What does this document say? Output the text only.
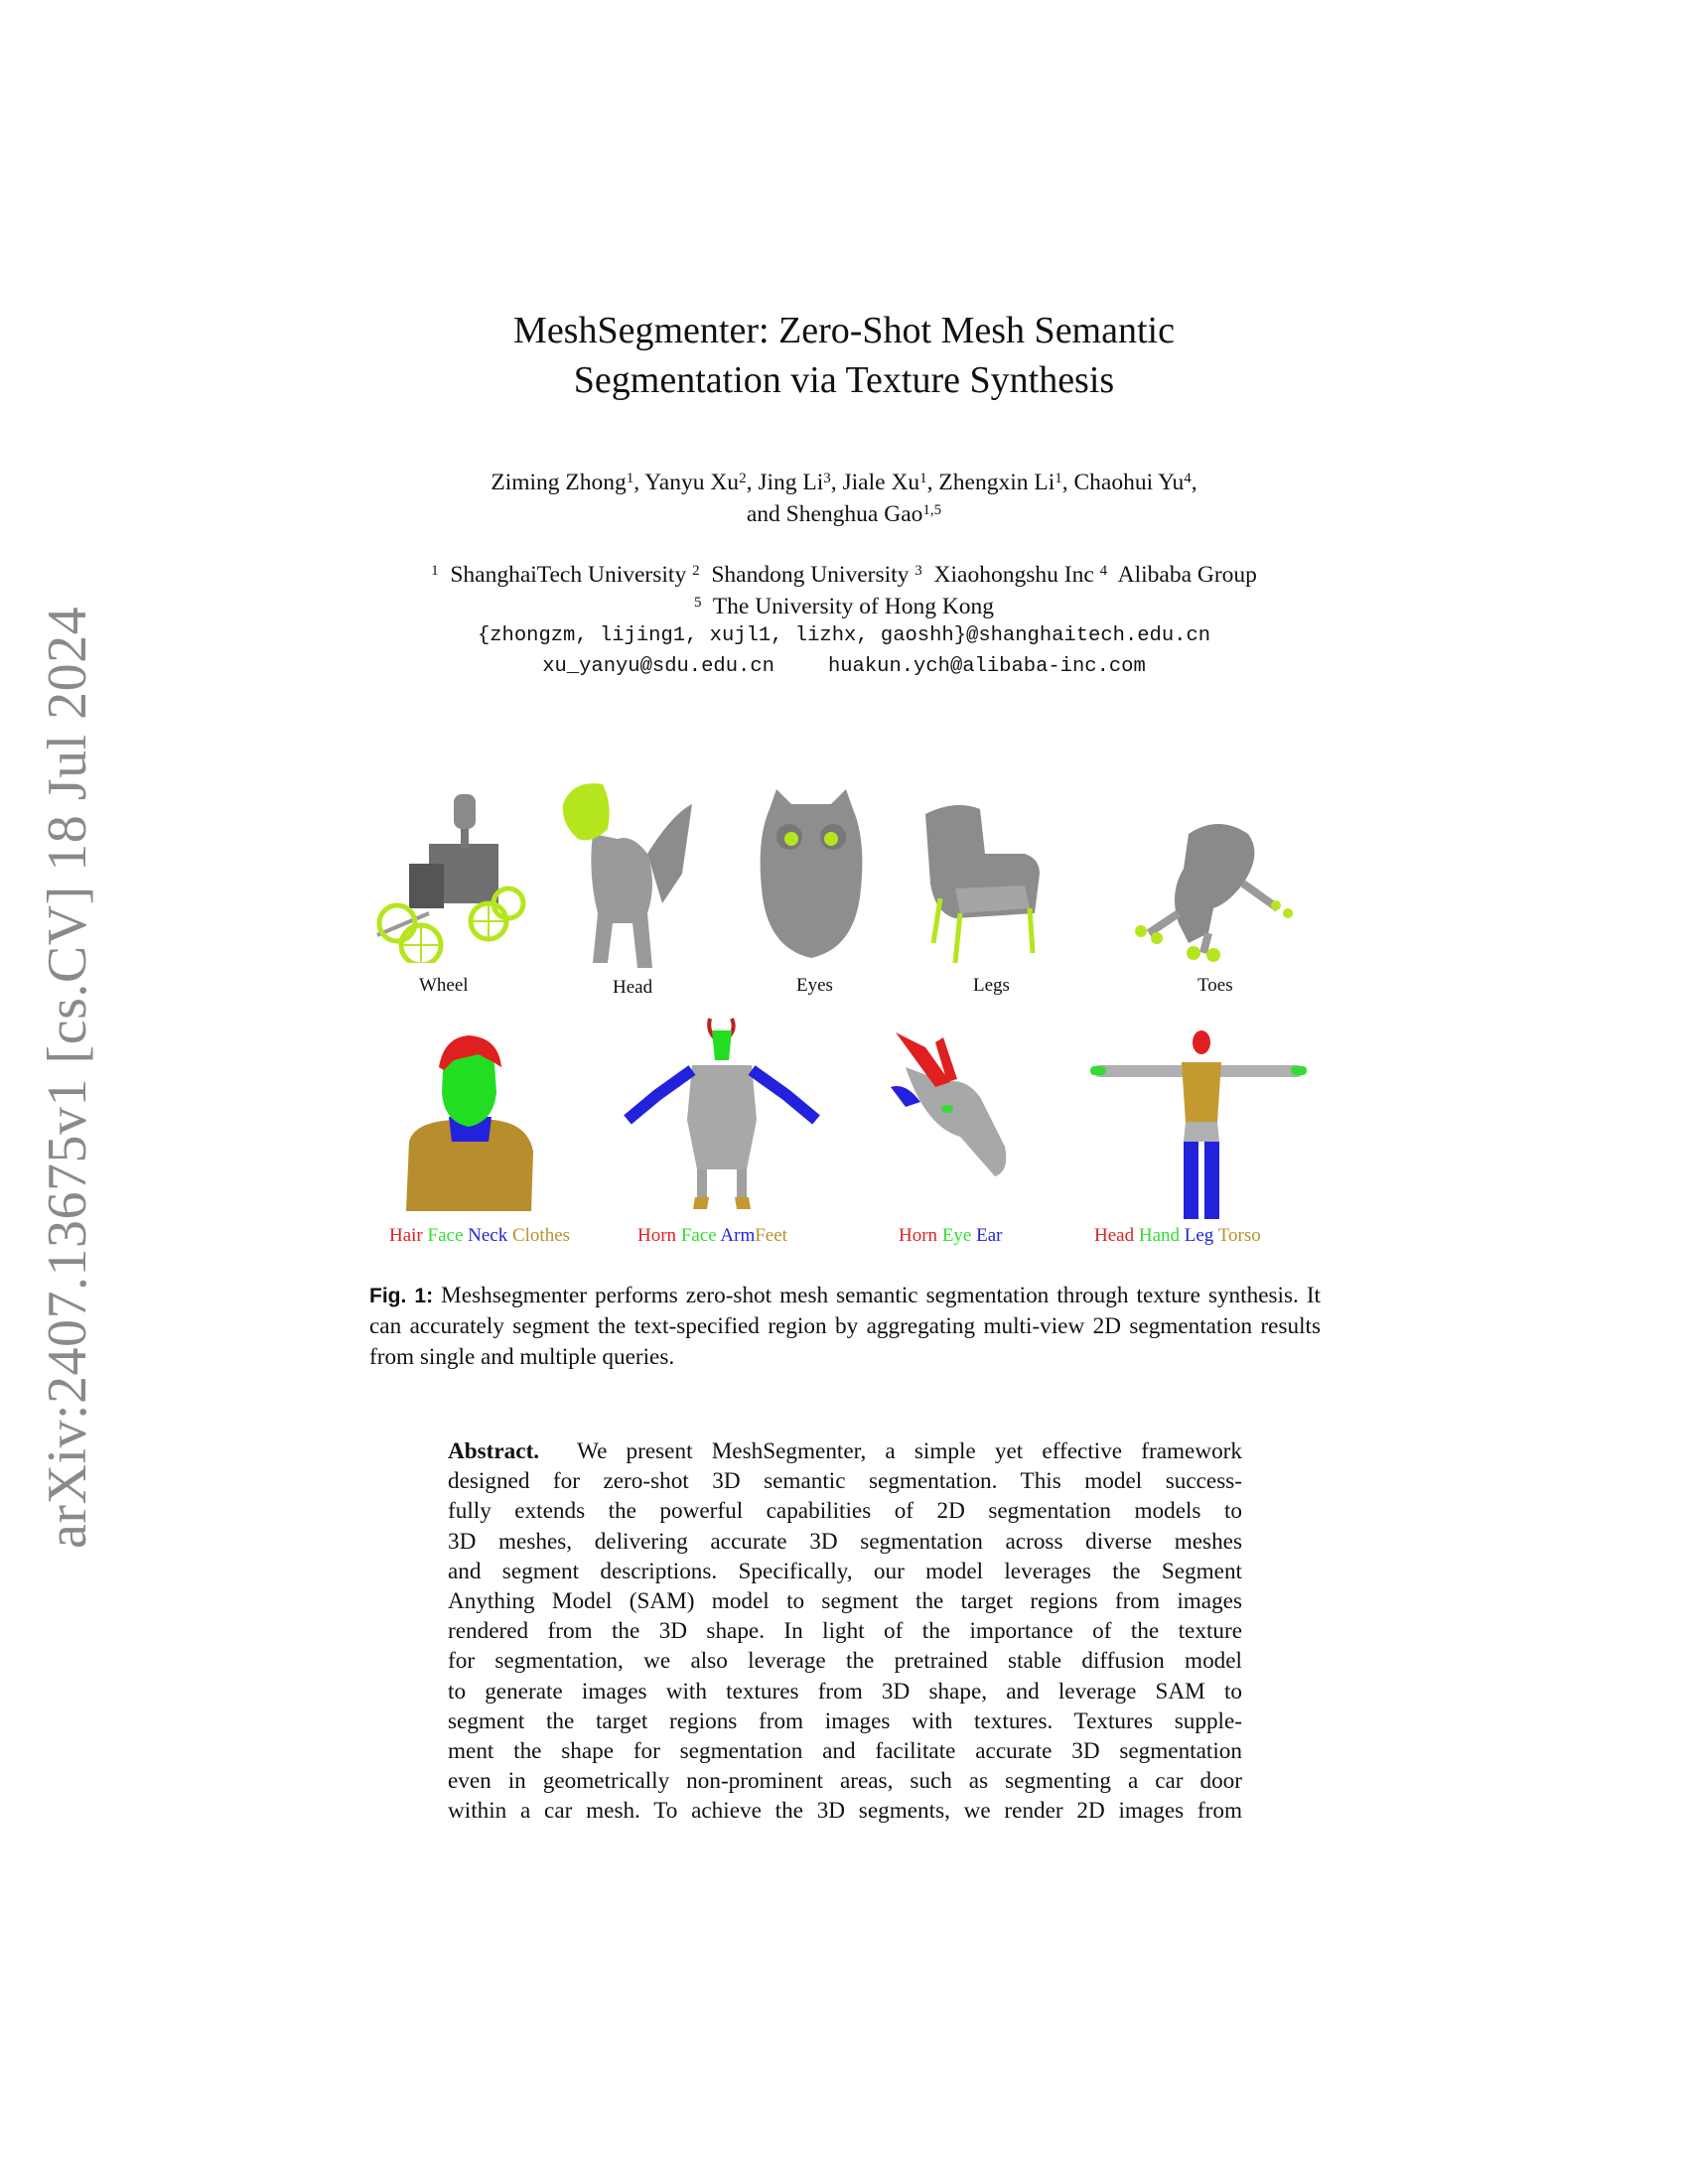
arXiv:2407.13675v1 [cs.CV] 18 Jul 2024
MeshSegmenter: Zero-Shot Mesh Semantic
Segmentation via Texture Synthesis
Ziming Zhong$^1$, Yanyu Xu$^2$, Jing Li$^3$, Jiale Xu$^1$, Zhengxin Li$^1$, Chaohui Yu$^4$,
and Shenghua Gao$^{1,5}$
$^1$ ShanghaiTech University $^2$ Shandong University $^3$ Xiaohongshu Inc $^4$ Alibaba Group
$^5$ The University of Hong Kong
{zhongzm, lijing1, xujl1, lizhx, gaoshh}@shanghaitech.edu.cn
xu_yanyu@sdu.edu.cn	huakun.ych@alibaba-inc.com
Wheel	Head	Eyes	Legs	Toes
Hair Face Neck Clothes	Horn Face ArmFeet	Horn Eye Ear	Head Hand Leg Torso
Fig. 1: Meshsegmenter performs zero-shot mesh semantic segmentation through texture synthesis. It can accurately segment the text-specified region by aggregating multi-view 2D segmentation results from single and multiple queries.
Abstract. We present MeshSegmenter, a simple yet effective framework
designed for zero-shot 3D semantic segmentation. This model success-
fully extends the powerful capabilities of 2D segmentation models to
3D meshes, delivering accurate 3D segmentation across diverse meshes
and segment descriptions. Specifically, our model leverages the Segment
Anything Model (SAM) model to segment the target regions from images
rendered from the 3D shape. In light of the importance of the texture
for segmentation, we also leverage the pretrained stable diffusion model
to generate images with textures from 3D shape, and leverage SAM to
segment the target regions from images with textures. Textures supple-
ment the shape for segmentation and facilitate accurate 3D segmentation
even in geometrically non-prominent areas, such as segmenting a car door
within a car mesh. To achieve the 3D segments, we render 2D images from
